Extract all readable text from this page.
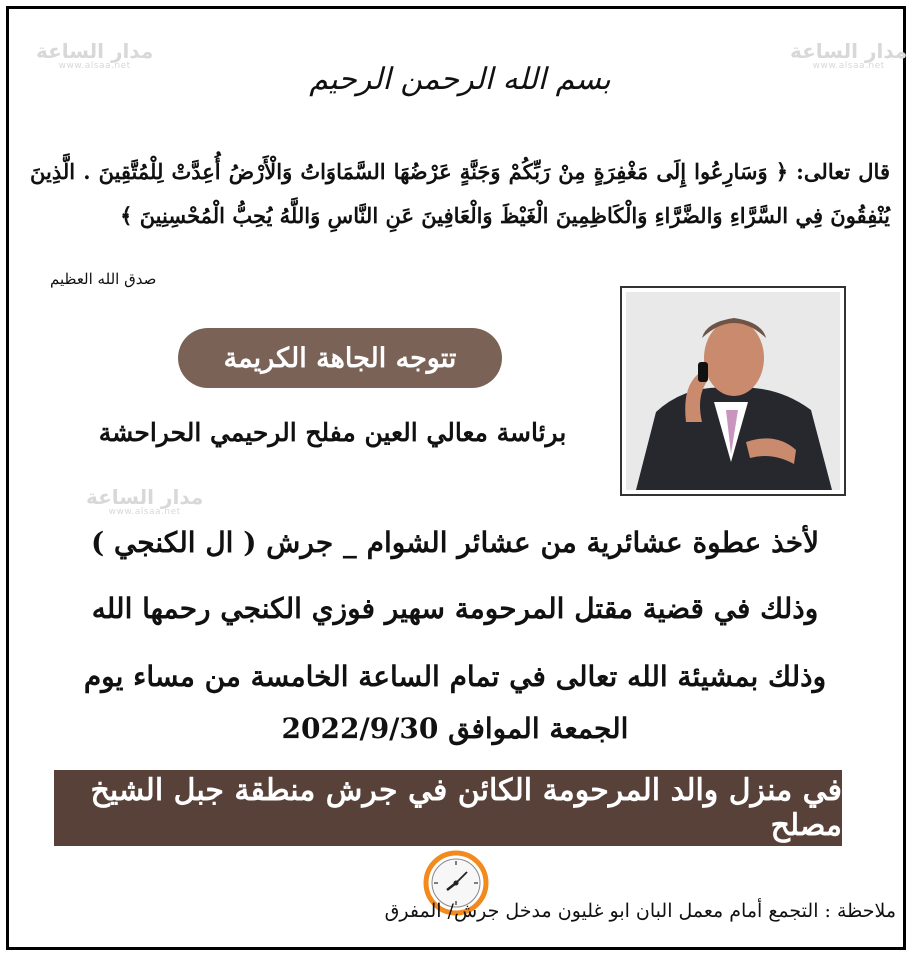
مدار الساعة
www.alsaa.net
مدار الساعة
www.alsaa.net
مدار الساعة
www.alsaa.net
بسم الله الرحمن الرحيم
قال تعالى: ﴿ وَسَارِعُوا إِلَى مَغْفِرَةٍ مِنْ رَبِّكُمْ وَجَنَّةٍ عَرْضُهَا السَّمَاوَاتُ وَالْأَرْضُ أُعِدَّتْ لِلْمُتَّقِينَ . الَّذِينَ يُنْفِقُونَ فِي السَّرَّاءِ وَالضَّرَّاءِ وَالْكَاظِمِينَ الْغَيْظَ وَالْعَافِينَ عَنِ النَّاسِ وَاللَّهُ يُحِبُّ الْمُحْسِنِينَ ﴾
صدق الله العظيم
تتوجه الجاهة الكريمة
برئاسة معالي العين مفلح الرحيمي الحراحشة
لأخذ عطوة عشائرية من عشائر الشوام _ جرش ( ال الكنجي )
وذلك في قضية مقتل المرحومة سهير فوزي الكنجي رحمها الله
وذلك بمشيئة الله تعالى في تمام الساعة الخامسة من مساء يوم
الجمعة الموافق 2022/9/30
في منزل والد المرحومة الكائن في جرش منطقة جبل الشيخ مصلح
ملاحظة : التجمع أمام معمل البان ابو غليون مدخل جرش/ المفرق
